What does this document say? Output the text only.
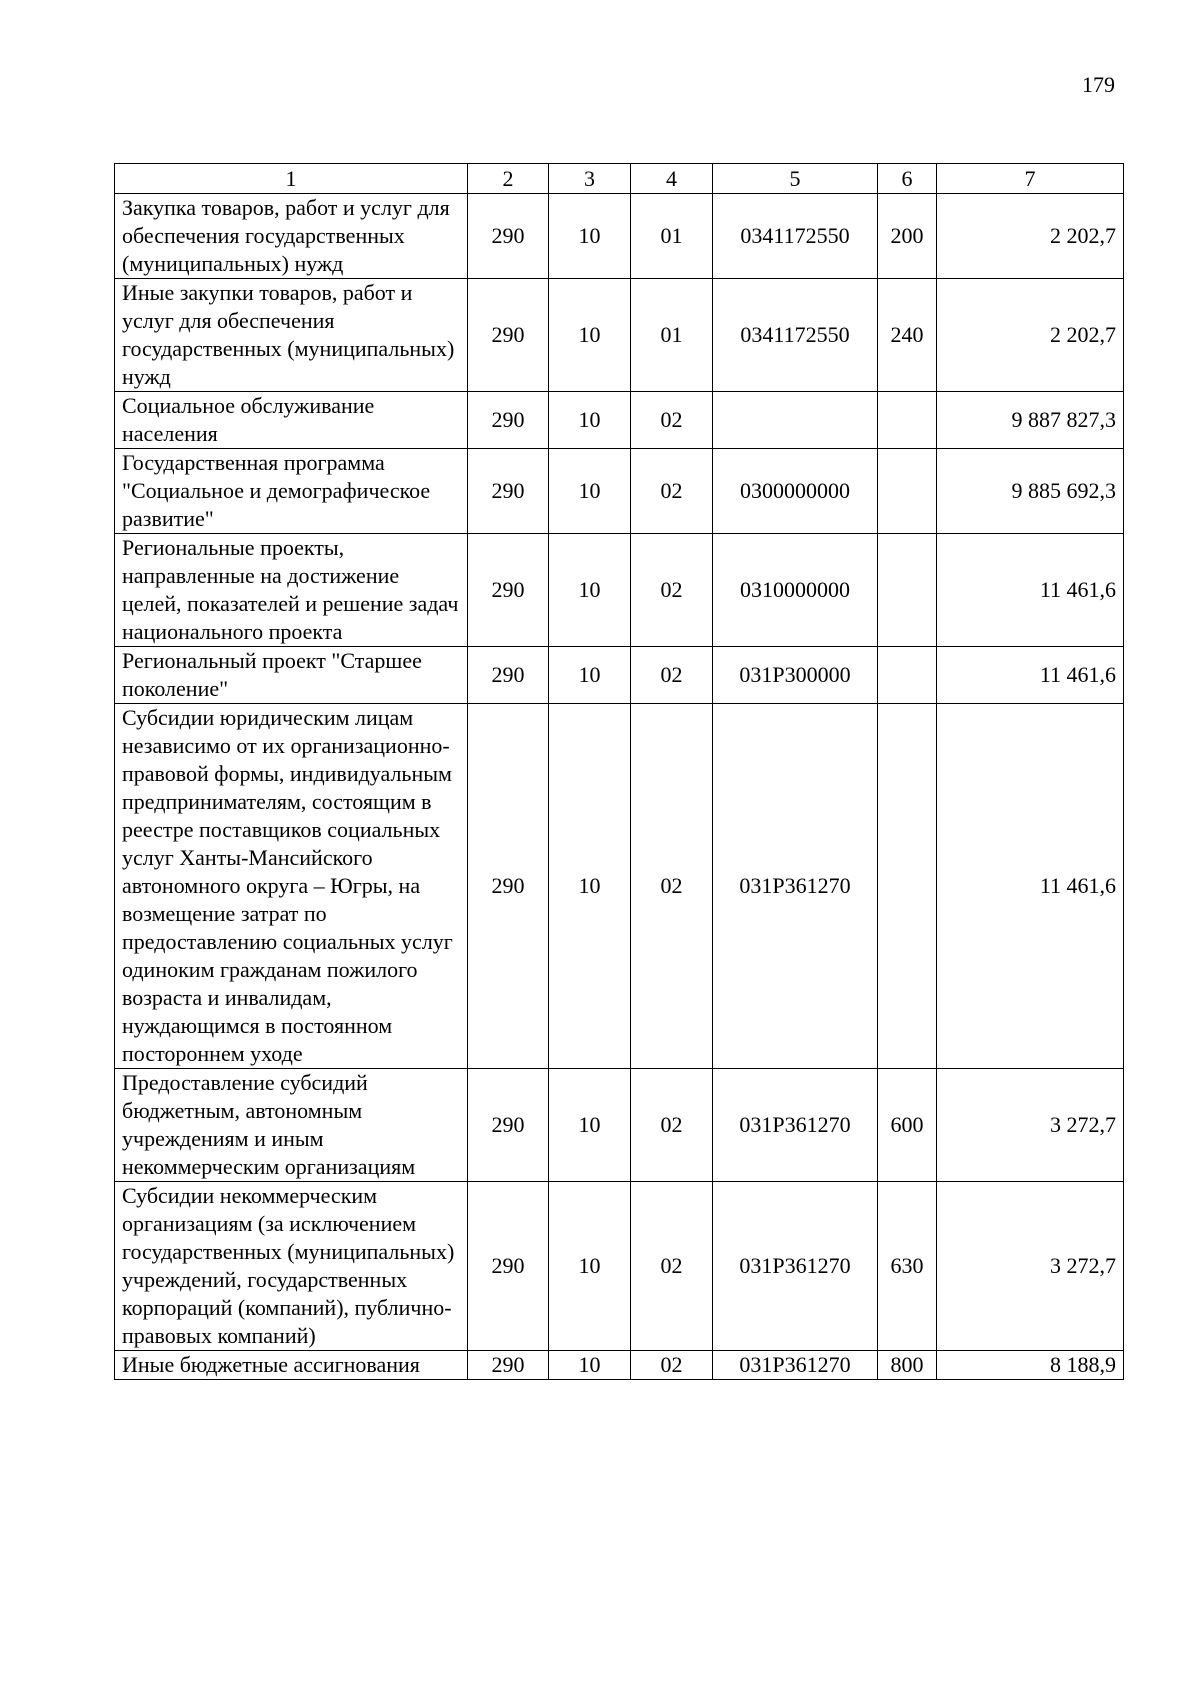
179
1	2	3	4	5	6	7
Закупка товаров, работ и услуг для обеспечения государственных (муниципальных) нужд	290	10	01	0341172550	200	2 202,7
Иные закупки товаров, работ и услуг для обеспечения государственных (муниципальных) нужд	290	10	01	0341172550	240	2 202,7
Социальное обслуживание населения	290	10	02			9 887 827,3
Государственная программа "Социальное и демографическое развитие"	290	10	02	0300000000		9 885 692,3
Региональные проекты, направленные на достижение целей, показателей и решение задач национального проекта	290	10	02	0310000000		11 461,6
Региональный проект "Старшее поколение"	290	10	02	031P300000		11 461,6
Субсидии юридическим лицам независимо от их организационно-правовой формы, индивидуальным предпринимателям, состоящим в реестре поставщиков социальных услуг Ханты-Мансийского автономного округа – Югры, на возмещение затрат по предоставлению социальных услуг одиноким гражданам пожилого возраста и инвалидам, нуждающимся в постоянном постороннем уходе	290	10	02	031P361270		11 461,6
Предоставление субсидий бюджетным, автономным учреждениям и иным некоммерческим организациям	290	10	02	031P361270	600	3 272,7
Субсидии некоммерческим организациям (за исключением государственных (муниципальных) учреждений, государственных корпораций (компаний), публично-правовых компаний)	290	10	02	031P361270	630	3 272,7
Иные бюджетные ассигнования	290	10	02	031P361270	800	8 188,9
